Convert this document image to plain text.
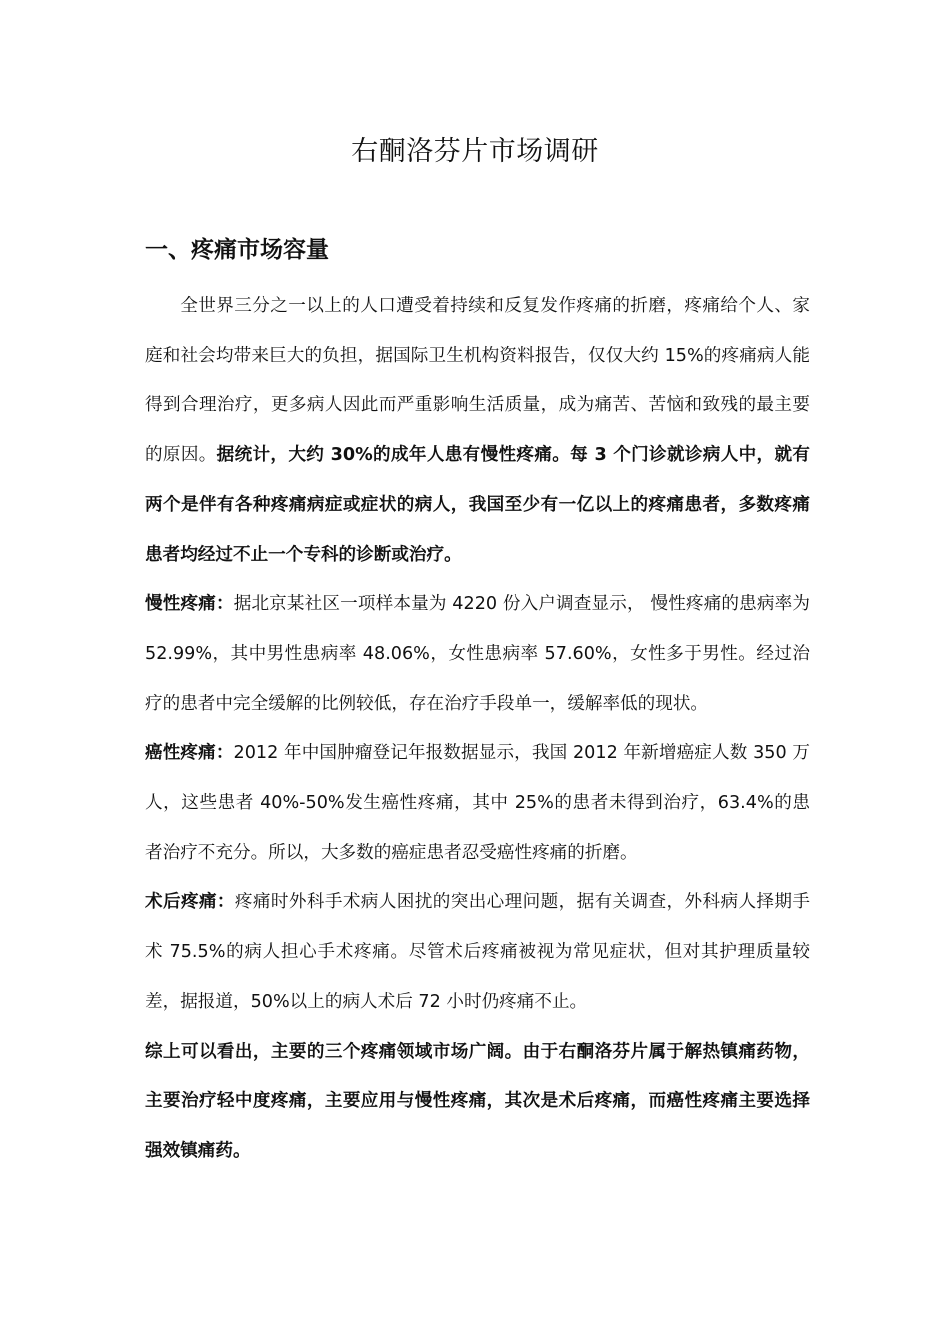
右酮洛芬片市场调研
一、疼痛市场容量

全世界三分之一以上的人口遭受着持续和反复发作疼痛的折磨，疼痛给个人、家庭和社会均带来巨大的负担，据国际卫生机构资料报告，仅仅大约 15%的疼痛病人能得到合理治疗，更多病人因此而严重影响生活质量，成为痛苦、苦恼和致残的最主要的原因。据统计，大约 30%的成年人患有慢性疼痛。每 3 个门诊就诊病人中，就有两个是伴有各种疼痛病症或症状的病人，我国至少有一亿以上的疼痛患者，多数疼痛患者均经过不止一个专科的诊断或治疗。

慢性疼痛：据北京某社区一项样本量为 4220 份入户调查显示， 慢性疼痛的患病率为 52.99%，其中男性患病率 48.06%，女性患病率 57.60%，女性多于男性。经过治疗的患者中完全缓解的比例较低，存在治疗手段单一，缓解率低的现状。

癌性疼痛：2012 年中国肿瘤登记年报数据显示，我国 2012 年新增癌症人数 350 万人，这些患者 40%-50%发生癌性疼痛，其中 25%的患者未得到治疗，63.4%的患者治疗不充分。所以，大多数的癌症患者忍受癌性疼痛的折磨。

术后疼痛：疼痛时外科手术病人困扰的突出心理问题，据有关调查，外科病人择期手术 75.5%的病人担心手术疼痛。尽管术后疼痛被视为常见症状，但对其护理质量较差，据报道，50%以上的病人术后 72 小时仍疼痛不止。

综上可以看出，主要的三个疼痛领域市场广阔。由于右酮洛芬片属于解热镇痛药物，主要治疗轻中度疼痛，主要应用与慢性疼痛，其次是术后疼痛，而癌性疼痛主要选择强效镇痛药。
